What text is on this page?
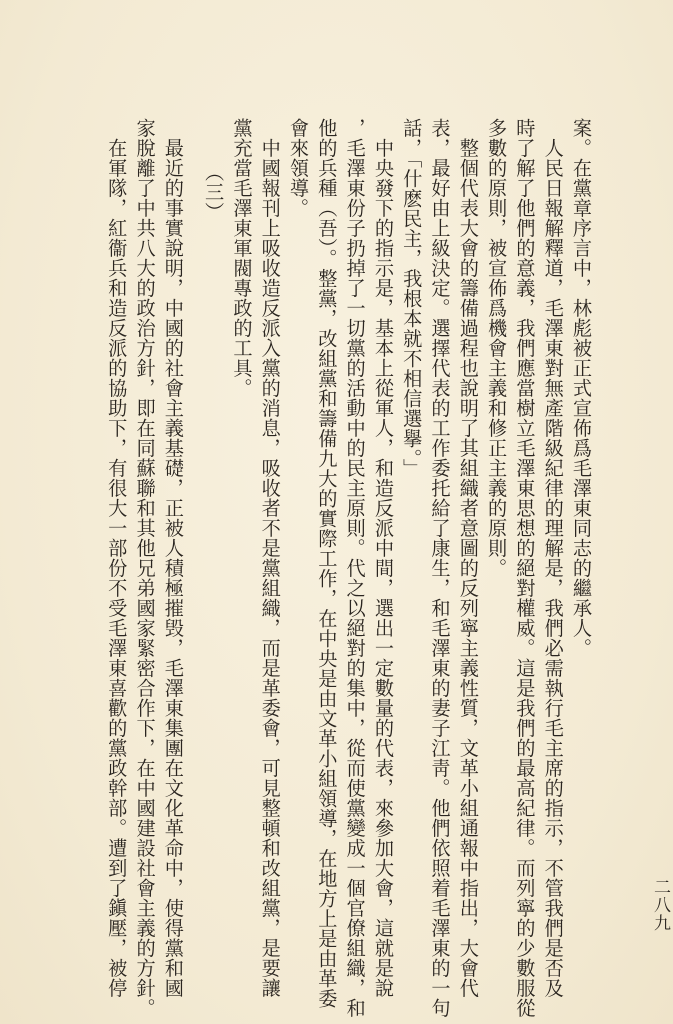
案。在黨章序言中，林彪被正式宣佈爲毛澤東同志的繼承人。
　人民日報解釋道，毛澤東對無產階級紀律的理解是，我們必需執行毛主席的指示，不管我們是否及
時了解了他們的意義，我們應當樹立毛澤東思想的絕對權威。這是我們的最高紀律。而列寧的少數服從
多數的原則，被宣佈爲機會主義和修正主義的原則。
　整個代表大會的籌備過程也說明了其組織者意圖的反列寧主義性質，文革小組通報中指出，大會代
表，最好由上級決定。選擇代表的工作委托給了康生，和毛澤東的妻子江靑。他們依照着毛澤東的一句
話，「什麽民主，我根本就不相信選擧。」
　中央發下的指示是，基本上從軍人，和造反派中間，選出一定數量的代表，來參加大會，這就是說
，毛澤東份子扔掉了一切黨的活動中的民主原則。代之以絕對的集中，從而使黨變成一個官僚組織，和
他的兵種（吾）。整黨，改組黨和籌備九大的實際工作，在中央是由文革小組領導，在地方上是由革委
會來領導。
　中國報刊上吸收造反派入黨的消息，吸收者不是黨組織，而是革委會，可見整頓和改組黨，是要讓
黨充當毛澤東軍閥專政的工具。
（三）
　最近的事實說明，中國的社會主義基礎，正被人積極摧毁，毛澤東集團在文化革命中，使得黨和國
家脫離了中共八大的政治方針，即在同蘇聯和其他兄弟國家緊密合作下，在中國建設社會主義的方針。
　在軍隊，紅衞兵和造反派的協助下，有很大一部份不受毛澤東喜歡的黨政幹部。遭到了鎭壓，被停	二八九
